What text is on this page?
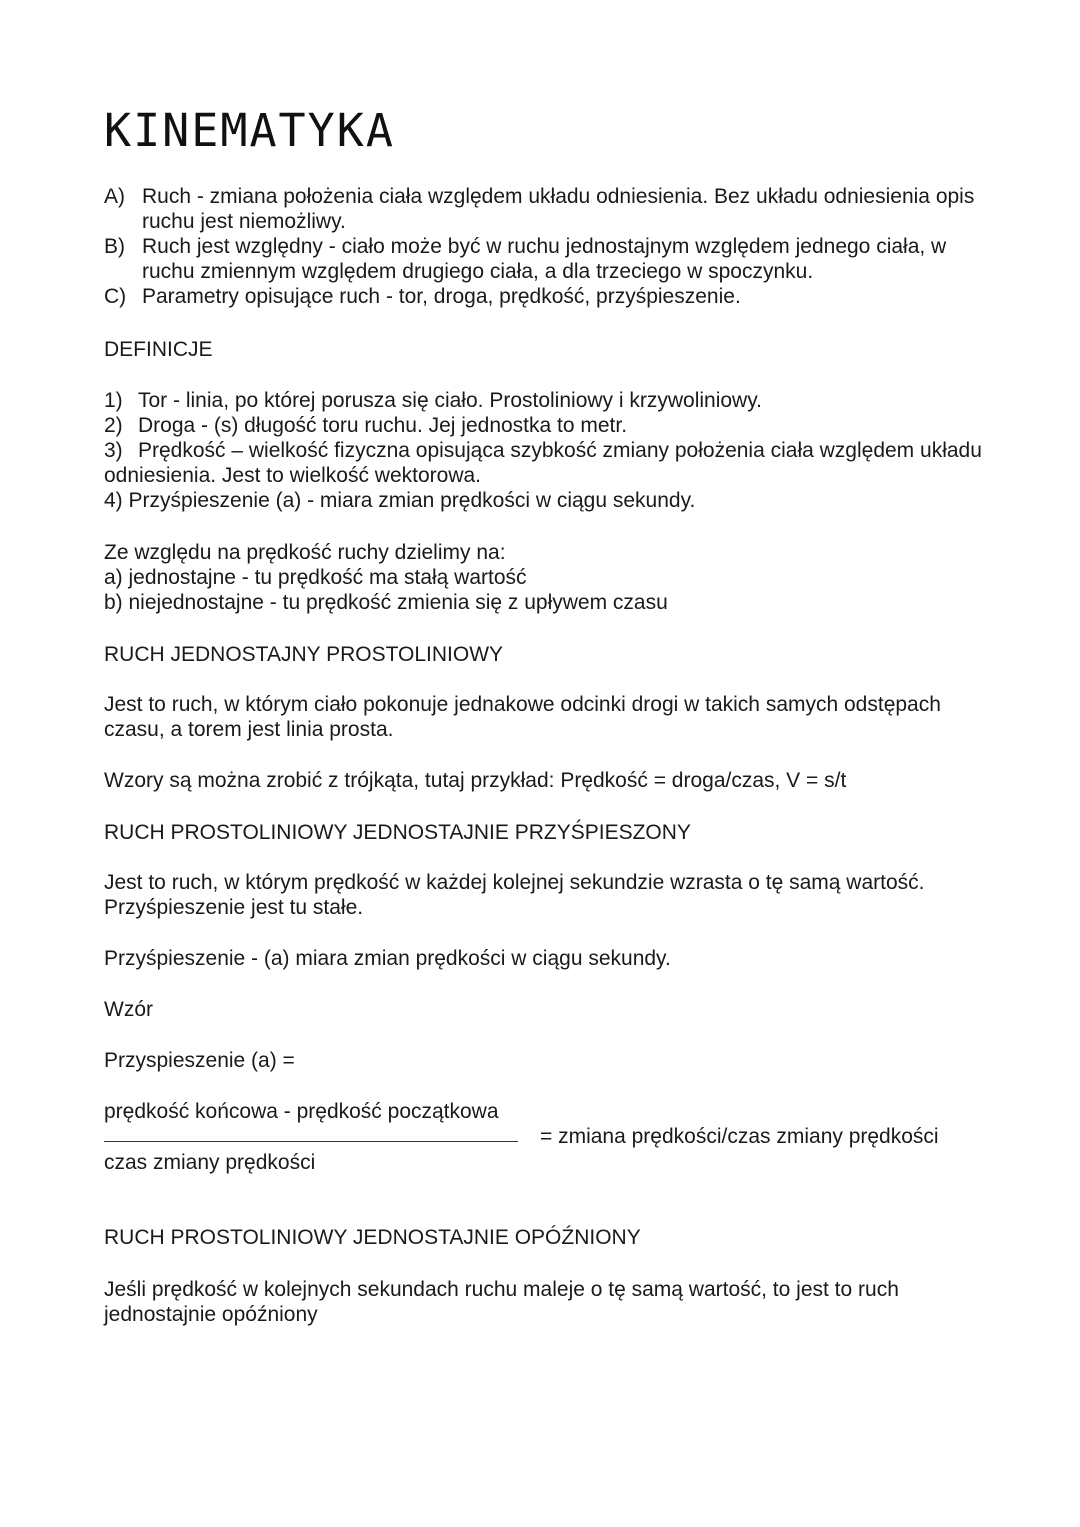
KINEMATYKA
A) Ruch - zmiana położenia ciała względem układu odniesienia. Bez układu odniesienia opis ruchu jest niemożliwy.
B) Ruch jest względny - ciało może być w ruchu jednostajnym względem jednego ciała, w ruchu zmiennym względem drugiego ciała, a dla trzeciego w spoczynku.
C) Parametry opisujące ruch - tor, droga, prędkość, przyśpieszenie.

DEFINICJE

1) Tor - linia, po której porusza się ciało. Prostoliniowy i krzywoliniowy.

2) Droga - (s) długość toru ruchu. Jej jednostka to metr.

3) Prędkość – wielkość fizyczna opisująca szybkość zmiany położenia ciała względem układu odniesienia. Jest to wielkość wektorowa.

4) Przyśpieszenie (a) - miara zmian prędkości w ciągu sekundy.

Ze względu na prędkość ruchy dzielimy na:

a) jednostajne - tu prędkość ma stałą wartość

b) niejednostajne - tu prędkość zmienia się z upływem czasu

RUCH JEDNOSTAJNY PROSTOLINIOWY

Jest to ruch, w którym ciało pokonuje jednakowe odcinki drogi w takich samych odstępach czasu, a torem jest linia prosta.

Wzory są można zrobić z trójkąta, tutaj przykład: Prędkość = droga/czas, V = s/t

RUCH PROSTOLINIOWY JEDNOSTAJNIE PRZYŚPIESZONY

Jest to ruch, w którym prędkość w każdej kolejnej sekundzie wzrasta o tę samą wartość. Przyśpieszenie jest tu stałe.

Przyśpieszenie - (a) miara zmian prędkości w ciągu sekundy.

Wzór

Przyspieszenie (a) =

prędkość końcowa - prędkość początkowa
= zmiana prędkości/czas zmiany prędkości
czas zmiany prędkości

RUCH PROSTOLINIOWY JEDNOSTAJNIE OPÓŹNIONY

Jeśli prędkość w kolejnych sekundach ruchu maleje o tę samą wartość, to jest to ruch jednostajnie opóźniony
